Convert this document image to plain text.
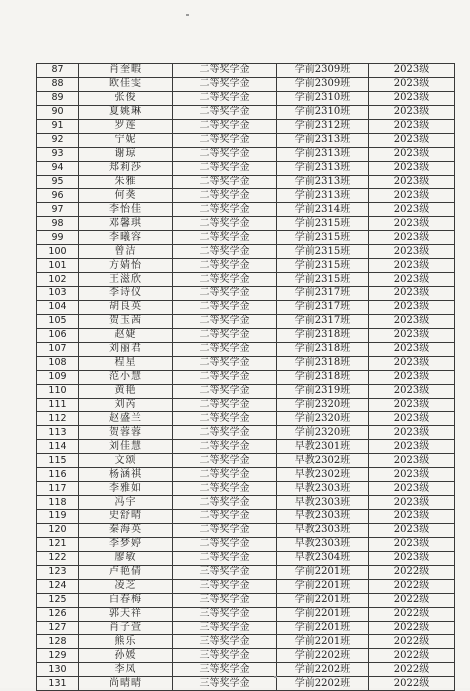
87	肖奎暇	二等奖学金	学前2309班	2023级
88	欧佳雯	二等奖学金	学前2309班	2023级
89	张俊	二等奖学金	学前2310班	2023级
90	夏姚琳	二等奖学金	学前2310班	2023级
91	罗莲	二等奖学金	学前2312班	2023级
92	宁妮	二等奖学金	学前2313班	2023级
93	谢琼	二等奖学金	学前2313班	2023级
94	郑莉莎	二等奖学金	学前2313班	2023级
95	朱雅	二等奖学金	学前2313班	2023级
96	何䶮	二等奖学金	学前2313班	2023级
97	李怡佳	二等奖学金	学前2314班	2023级
98	邓馨琪	二等奖学金	学前2315班	2023级
99	李曦容	二等奖学金	学前2315班	2023级
100	曾洁	二等奖学金	学前2315班	2023级
101	方婧怡	二等奖学金	学前2315班	2023级
102	王滋欣	二等奖学金	学前2315班	2023级
103	李诗仪	二等奖学金	学前2317班	2023级
104	胡良英	二等奖学金	学前2317班	2023级
105	贺玉茜	二等奖学金	学前2317班	2023级
106	赵婕	二等奖学金	学前2318班	2023级
107	刘丽君	二等奖学金	学前2318班	2023级
108	程星	二等奖学金	学前2318班	2023级
109	范小慧	二等奖学金	学前2318班	2023级
110	黄艳	二等奖学金	学前2319班	2023级
111	刘芮	二等奖学金	学前2320班	2023级
112	赵盛兰	二等奖学金	学前2320班	2023级
113	贺蓉蓉	二等奖学金	学前2320班	2023级
114	刘佳慧	二等奖学金	早教2301班	2023级
115	文颂	二等奖学金	早教2302班	2023级
116	杨涵祺	二等奖学金	早教2302班	2023级
117	李雅如	二等奖学金	早教2303班	2023级
118	冯宇	二等奖学金	早教2303班	2023级
119	史舒晴	二等奖学金	早教2303班	2023级
120	秦海英	二等奖学金	早教2303班	2023级
121	李梦婷	二等奖学金	早教2303班	2023级
122	廖敏	二等奖学金	早教2304班	2023级
123	卢艳倩	三等奖学金	学前2201班	2022级
124	凌芝	三等奖学金	学前2201班	2022级
125	白春梅	三等奖学金	学前2201班	2022级
126	郭天祥	三等奖学金	学前2201班	2022级
127	肖子萱	三等奖学金	学前2201班	2022级
128	熊乐	三等奖学金	学前2201班	2022级
129	孙媛	三等奖学金	学前2202班	2022级
130	李凤	三等奖学金	学前2202班	2022级
131	尚晴晴	三等奖学金	学前2202班	2022级
